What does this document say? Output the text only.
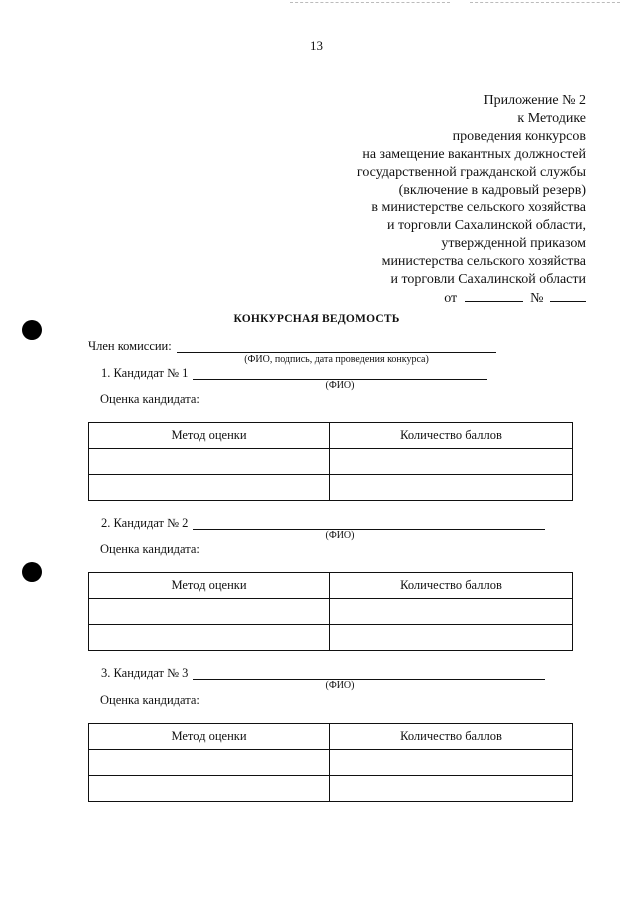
13
Приложение № 2
к Методике
проведения конкурсов
на замещение вакантных должностей
государственной гражданской службы
(включение в кадровый резерв)
в министерстве сельского хозяйства
и торговли Сахалинской области,
утвержденной приказом
министерства сельского хозяйства
и торговли Сахалинской области
от	№
КОНКУРСНАЯ ВЕДОМОСТЬ
Член комиссии:
(ФИО, подпись, дата проведения конкурса)
1. Кандидат № 1
(ФИО)
Оценка кандидата:
Метод оценки	Количество баллов

2. Кандидат № 2
(ФИО)
Оценка кандидата:
Метод оценки	Количество баллов

3. Кандидат № 3
(ФИО)
Оценка кандидата:
Метод оценки	Количество баллов
